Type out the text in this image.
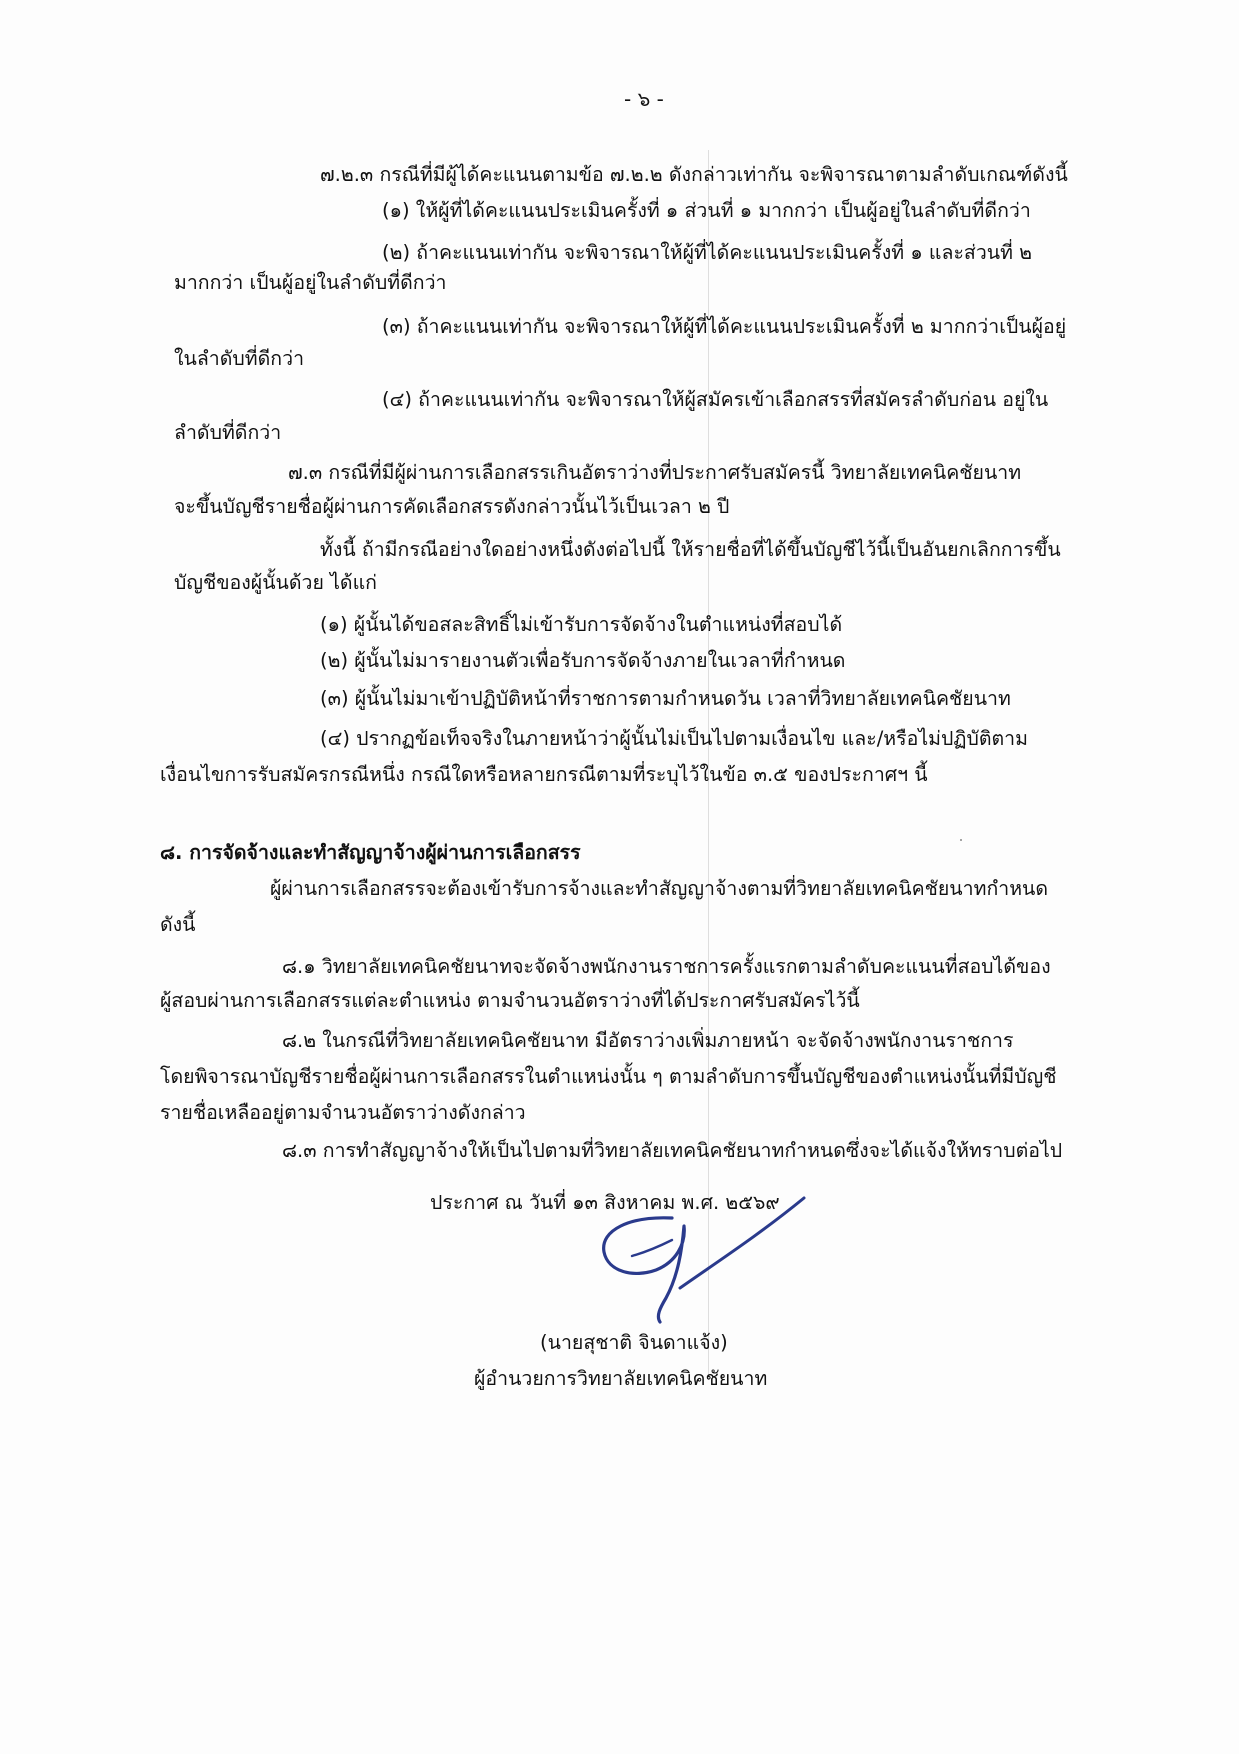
- ๖ -
๗.๒.๓ กรณีที่มีผู้ได้คะแนนตามข้อ ๗.๒.๒ ดังกล่าวเท่ากัน จะพิจารณาตามลำดับเกณฑ์ดังนี้
(๑) ให้ผู้ที่ได้คะแนนประเมินครั้งที่ ๑ ส่วนที่ ๑ มากกว่า เป็นผู้อยู่ในลำดับที่ดีกว่า
(๒) ถ้าคะแนนเท่ากัน จะพิจารณาให้ผู้ที่ได้คะแนนประเมินครั้งที่ ๑ และส่วนที่ ๒
มากกว่า เป็นผู้อยู่ในลำดับที่ดีกว่า
(๓) ถ้าคะแนนเท่ากัน จะพิจารณาให้ผู้ที่ได้คะแนนประเมินครั้งที่ ๒ มากกว่าเป็นผู้อยู่
ในลำดับที่ดีกว่า
(๔) ถ้าคะแนนเท่ากัน จะพิจารณาให้ผู้สมัครเข้าเลือกสรรที่สมัครลำดับก่อน อยู่ใน
ลำดับที่ดีกว่า
๗.๓ กรณีที่มีผู้ผ่านการเลือกสรรเกินอัตราว่างที่ประกาศรับสมัครนี้ วิทยาลัยเทคนิคชัยนาท
จะขึ้นบัญชีรายชื่อผู้ผ่านการคัดเลือกสรรดังกล่าวนั้นไว้เป็นเวลา ๒ ปี
ทั้งนี้ ถ้ามีกรณีอย่างใดอย่างหนึ่งดังต่อไปนี้ ให้รายชื่อที่ได้ขึ้นบัญชีไว้นี้เป็นอันยกเลิกการขึ้น
บัญชีของผู้นั้นด้วย ได้แก่
(๑) ผู้นั้นได้ขอสละสิทธิ์ไม่เข้ารับการจัดจ้างในตำแหน่งที่สอบได้
(๒) ผู้นั้นไม่มารายงานตัวเพื่อรับการจัดจ้างภายในเวลาที่กำหนด
(๓) ผู้นั้นไม่มาเข้าปฏิบัติหน้าที่ราชการตามกำหนดวัน เวลาที่วิทยาลัยเทคนิคชัยนาท
(๔) ปรากฏข้อเท็จจริงในภายหน้าว่าผู้นั้นไม่เป็นไปตามเงื่อนไข และ/หรือไม่ปฏิบัติตาม
เงื่อนไขการรับสมัครกรณีหนึ่ง กรณีใดหรือหลายกรณีตามที่ระบุไว้ในข้อ ๓.๕ ของประกาศฯ นี้
๘. การจัดจ้างและทำสัญญาจ้างผู้ผ่านการเลือกสรร
ผู้ผ่านการเลือกสรรจะต้องเข้ารับการจ้างและทำสัญญาจ้างตามที่วิทยาลัยเทคนิคชัยนาทกำหนด
ดังนี้
๘.๑ วิทยาลัยเทคนิคชัยนาทจะจัดจ้างพนักงานราชการครั้งแรกตามลำดับคะแนนที่สอบได้ของ
ผู้สอบผ่านการเลือกสรรแต่ละตำแหน่ง ตามจำนวนอัตราว่างที่ได้ประกาศรับสมัครไว้นี้
๘.๒ ในกรณีที่วิทยาลัยเทคนิคชัยนาท มีอัตราว่างเพิ่มภายหน้า จะจัดจ้างพนักงานราชการ
โดยพิจารณาบัญชีรายชื่อผู้ผ่านการเลือกสรรในตำแหน่งนั้น ๆ ตามลำดับการขึ้นบัญชีของตำแหน่งนั้นที่มีบัญชี
รายชื่อเหลืออยู่ตามจำนวนอัตราว่างดังกล่าว
๘.๓ การทำสัญญาจ้างให้เป็นไปตามที่วิทยาลัยเทคนิคชัยนาทกำหนดซึ่งจะได้แจ้งให้ทราบต่อไป
ประกาศ ณ วันที่ ๑๓ สิงหาคม พ.ศ. ๒๕๖๙
(นายสุชาติ จินดาแจ้ง)
ผู้อำนวยการวิทยาลัยเทคนิคชัยนาท
